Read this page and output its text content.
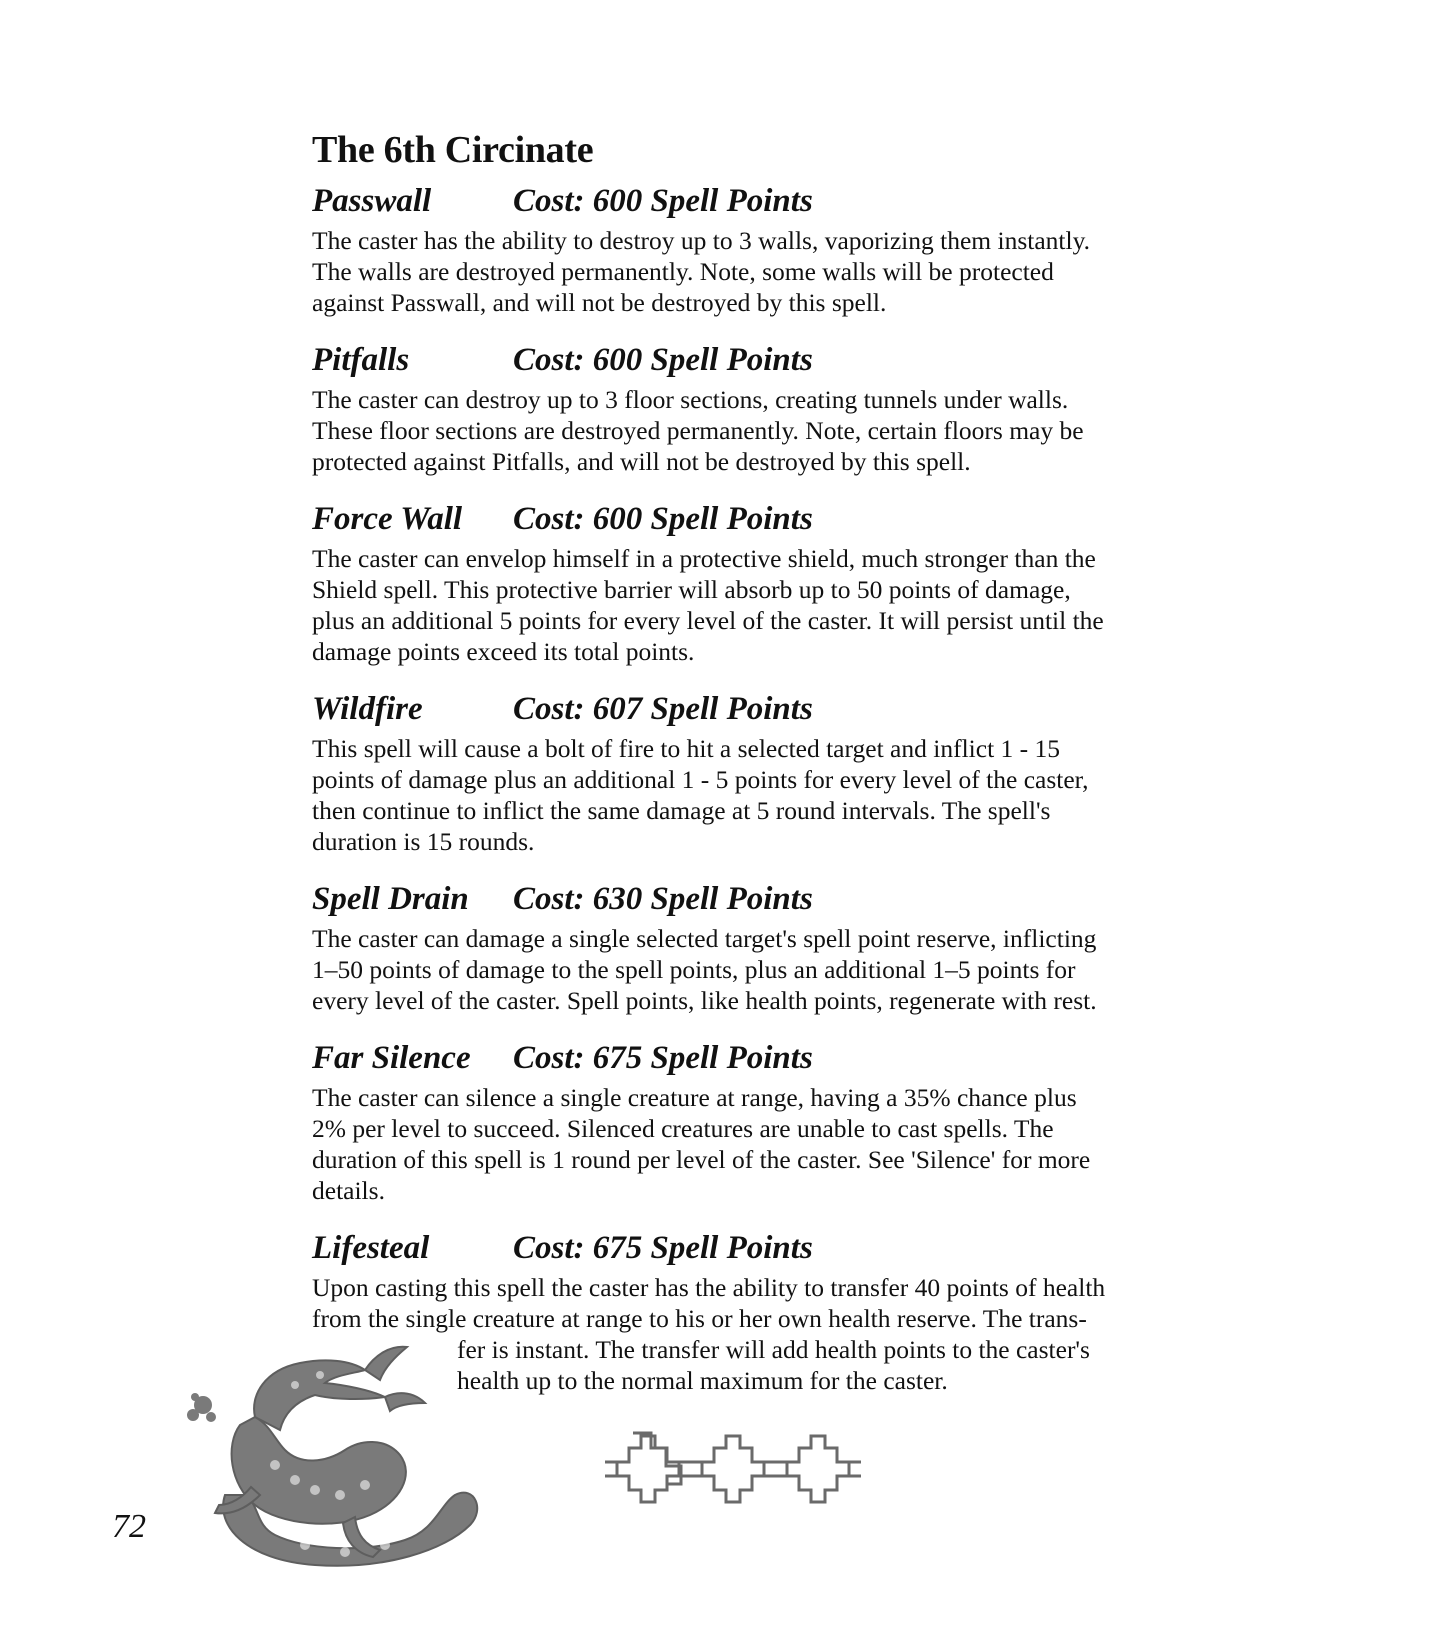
The 6th Circinate
Passwall Cost: 600 Spell Points
The caster has the ability to destroy up to 3 walls, vaporizing them instantly.
The walls are destroyed permanently. Note, some walls will be protected
against Passwall, and will not be destroyed by this spell.
Pitfalls	Cost: 600 Spell Points
The caster can destroy up to 3 floor sections, creating tunnels under walls.
These floor sections are destroyed permanently. Note, certain floors may be
protected against Pitfalls, and will not be destroyed by this spell.
Force Wall Cost: 600 Spell Points
The caster can envelop himself in a protective shield, much stronger than the
Shield spell. This protective barrier will absorb up to 50 points of damage,
plus an additional 5 points for every level of the caster. It will persist until the
damage points exceed its total points.
Wildfire	Cost: 607 Spell Points
This spell will cause a bolt of fire to hit a selected target and inflict 1 - 15
points of damage plus an additional 1 - 5 points for every level of the caster,
then continue to inflict the same damage at 5 round intervals. The spell's
duration is 15 rounds.
Spell Drain Cost: 630 Spell Points
The caster can damage a single selected target's spell point reserve, inflicting
1–50 points of damage to the spell points, plus an additional 1–5 points for
every level of the caster. Spell points, like health points, regenerate with rest.
Far Silence Cost: 675 Spell Points
The caster can silence a single creature at range, having a 35% chance plus
2% per level to succeed. Silenced creatures are unable to cast spells. The
duration of this spell is 1 round per level of the caster. See 'Silence' for more
details.
Lifesteal	Cost: 675 Spell Points
Upon casting this spell the caster has the ability to transfer 40 points of health
from the single creature at range to his or her own health reserve. The trans-
fer is instant. The transfer will add health points to the caster's
health up to the normal maximum for the caster.
72
